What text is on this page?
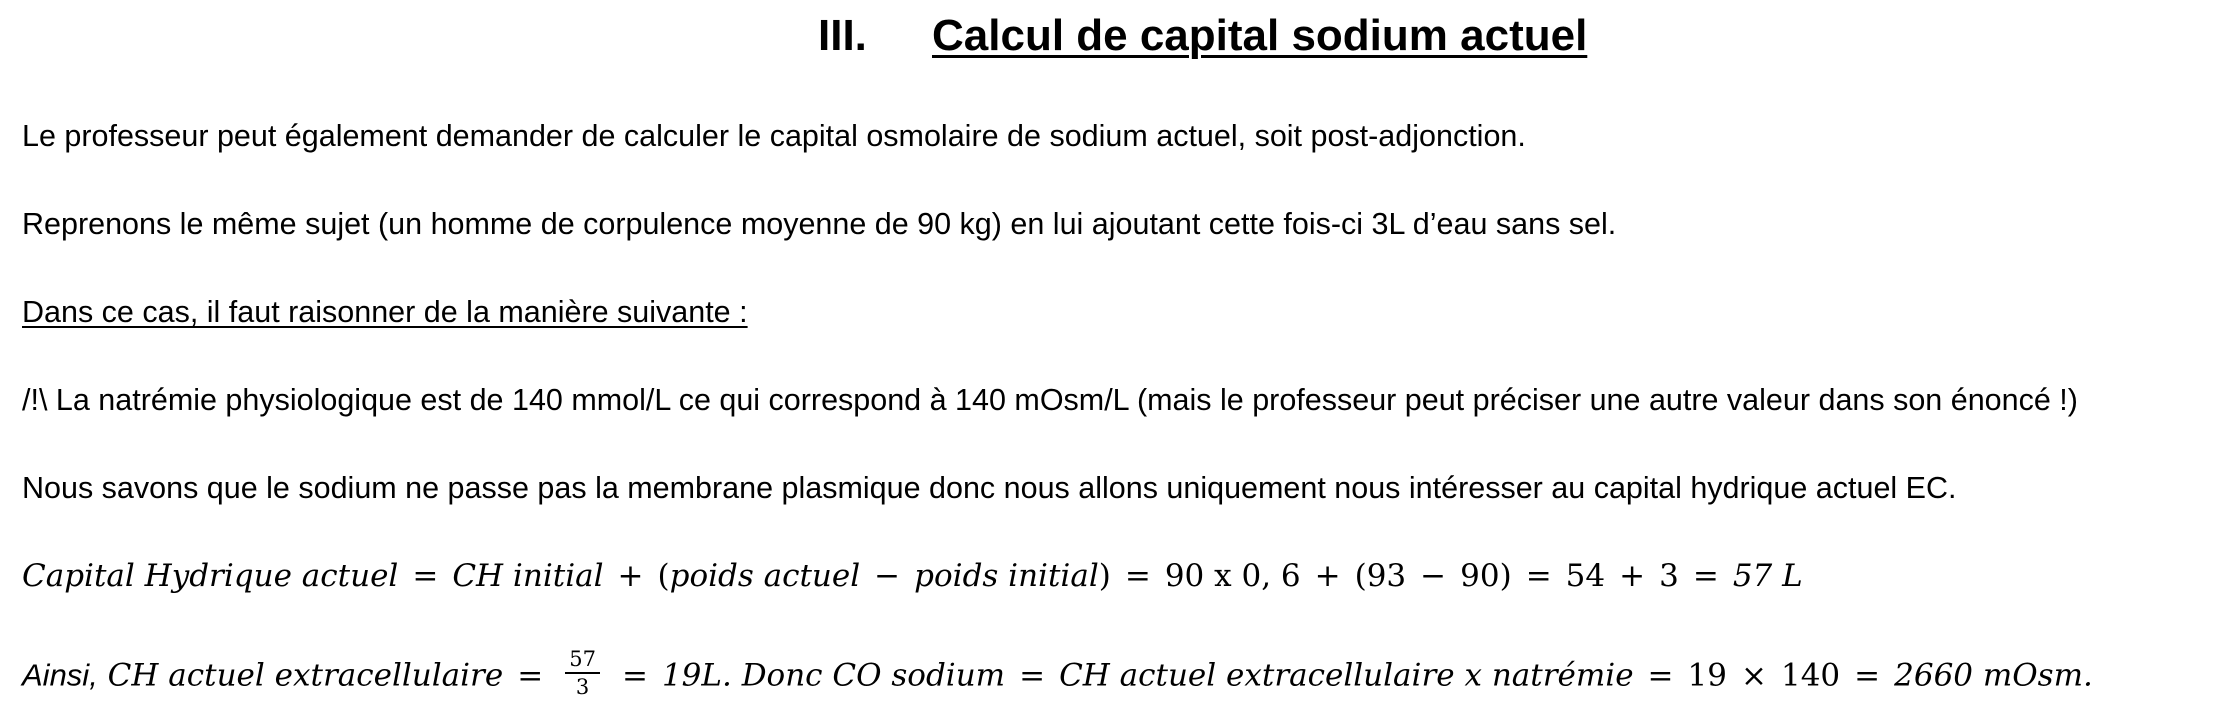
III. Calcul de capital sodium actuel
Le professeur peut également demander de calculer le capital osmolaire de sodium actuel, soit post-adjonction.
Reprenons le même sujet (un homme de corpulence moyenne de 90 kg) en lui ajoutant cette fois-ci 3L d’eau sans sel.
Dans ce cas, il faut raisonner de la manière suivante :
/!\ La natrémie physiologique est de 140 mmol/L ce qui correspond à 140 mOsm/L (mais le professeur peut préciser une autre valeur dans son énoncé !)
Nous savons que le sodium ne passe pas la membrane plasmique donc nous allons uniquement nous intéresser au capital hydrique actuel EC.
Capital Hydrique actuel = CH initial + (poids actuel − poids initial) = 90 x 0, 6 + (93 − 90) = 54 + 3 = 57 L
Ainsi, CH actuel extracellulaire = $\frac{57}{3} = 19L$. Donc CO sodium = CH actuel extracellulaire x natrémie = 19 × 140 = 2660 mOsm.
